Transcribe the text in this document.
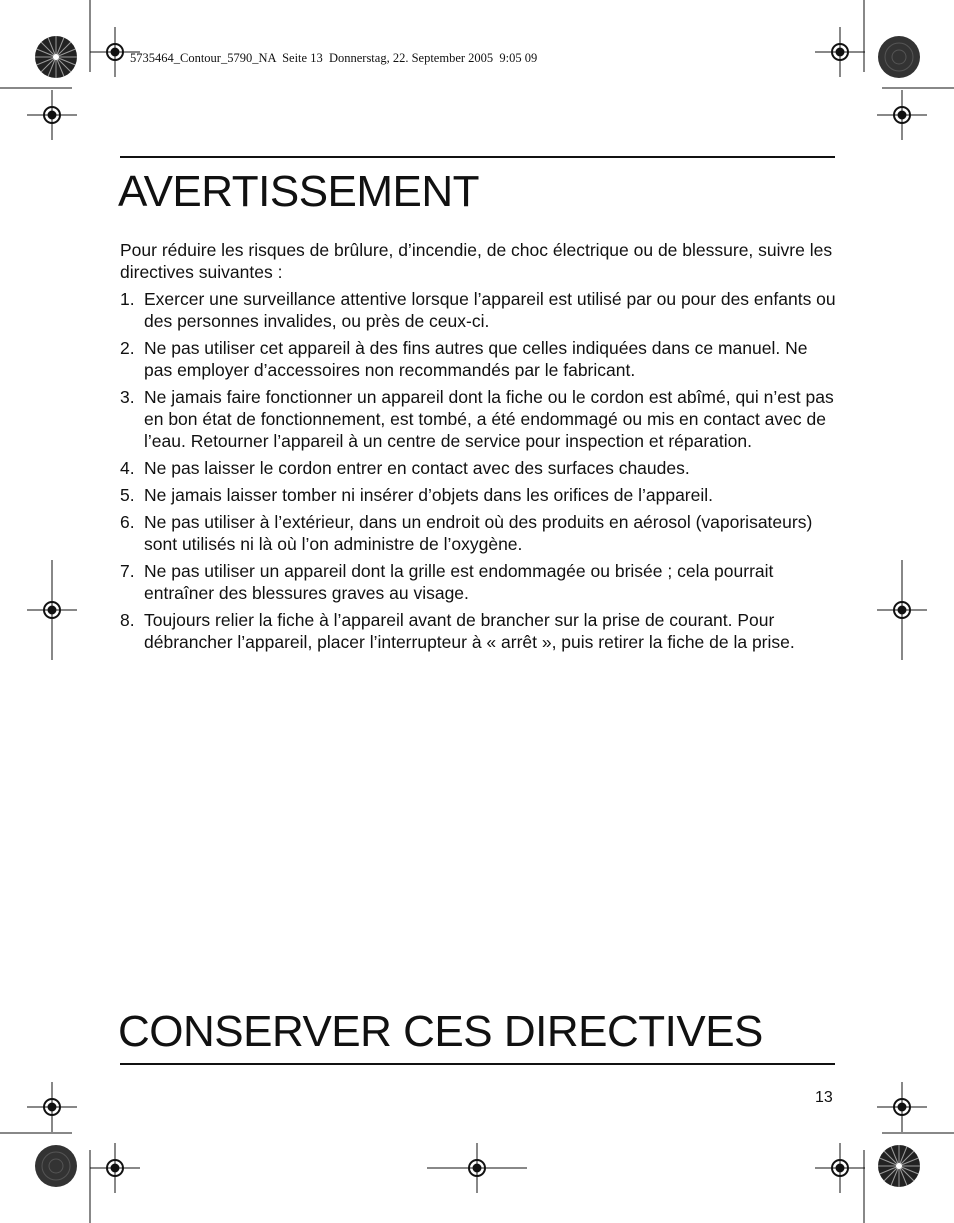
5735464_Contour_5790_NA  Seite 13  Donnerstag, 22. September 2005  9:05 09
AVERTISSEMENT

Pour réduire les risques de brûlure, d’incendie, de choc électrique ou de blessure, suivre les directives suivantes :

1. Exercer une surveillance attentive lorsque l’appareil est utilisé par ou pour des enfants ou des personnes invalides, ou près de ceux-ci.
2. Ne pas utiliser cet appareil à des fins autres que celles indiquées dans ce manuel. Ne pas employer d’accessoires non recommandés par le fabricant.
3. Ne jamais faire fonctionner un appareil dont la fiche ou le cordon est abîmé, qui n’est pas en bon état de fonctionnement, est tombé, a été endommagé ou mis en contact avec de l’eau. Retourner l’appareil à un centre de service pour inspection et réparation.
4. Ne pas laisser le cordon entrer en contact avec des surfaces chaudes.
5. Ne jamais laisser tomber ni insérer d’objets dans les orifices de l’appareil.
6. Ne pas utiliser à l’extérieur, dans un endroit où des produits en aérosol (vaporisateurs) sont utilisés ni là où l’on administre de l’oxygène.
7. Ne pas utiliser un appareil dont la grille est endommagée ou brisée ; cela pourrait entraîner des blessures graves au visage.
8. Toujours relier la fiche à l’appareil avant de brancher sur la prise de courant. Pour débrancher l’appareil, placer l’interrupteur à « arrêt », puis retirer la fiche de la prise.
CONSERVER CES DIRECTIVES
13
